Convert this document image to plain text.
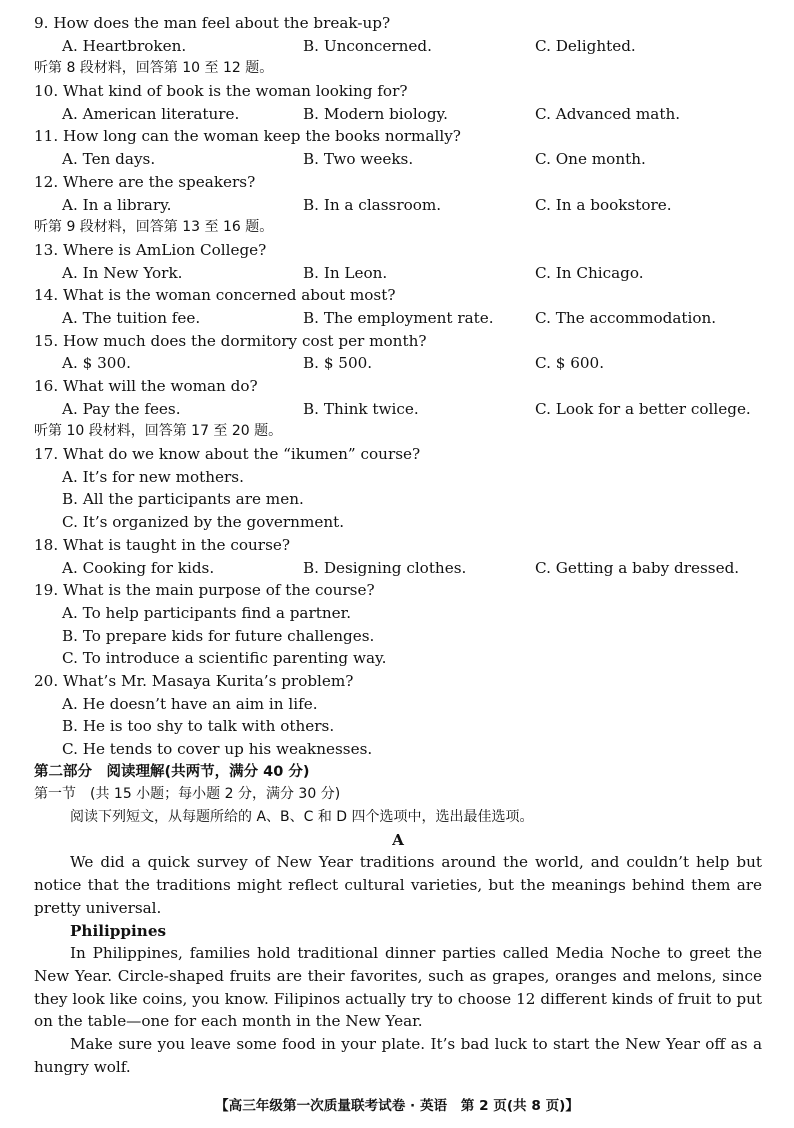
9. How does the man feel about the break-up?
A. Heartbroken.	B. Unconcerned.	C. Delighted.
听第 8 段材料，回答第 10 至 12 题。
10. What kind of book is the woman looking for?
A. American literature.	B. Modern biology.	C. Advanced math.
11. How long can the woman keep the books normally?
A. Ten days.	B. Two weeks.	C. One month.
12. Where are the speakers?
A. In a library.	B. In a classroom.	C. In a bookstore.
听第 9 段材料，回答第 13 至 16 题。
13. Where is AmLion College?
A. In New York.	B. In Leon.	C. In Chicago.
14. What is the woman concerned about most?
A. The tuition fee.	B. The employment rate.	C. The accommodation.
15. How much does the dormitory cost per month?
A. $ 300.	B. $ 500.	C. $ 600.
16. What will the woman do?
A. Pay the fees.	B. Think twice.	C. Look for a better college.
听第 10 段材料，回答第 17 至 20 题。
17. What do we know about the “ikumen” course?
A. It’s for new mothers.
B. All the participants are men.
C. It’s organized by the government.
18. What is taught in the course?
A. Cooking for kids.	B. Designing clothes.	C. Getting a baby dressed.
19. What is the main purpose of the course?
A. To help participants find a partner.
B. To prepare kids for future challenges.
C. To introduce a scientific parenting way.
20. What’s Mr. Masaya Kurita’s problem?
A. He doesn’t have an aim in life.
B. He is too shy to talk with others.
C. He tends to cover up his weaknesses.
第二部分　阅读理解(共两节，满分 40 分)
第一节　(共 15 小题；每小题 2 分，满分 30 分)
阅读下列短文，从每题所给的 A、B、C 和 D 四个选项中，选出最佳选项。
A

We did a quick survey of New Year traditions around the world, and couldn’t help but notice that the traditions might reflect cultural varieties, but the meanings behind them are pretty universal.

Philippines

In Philippines, families hold traditional dinner parties called Media Noche to greet the New Year. Circle-shaped fruits are their favorites, such as grapes, oranges and melons, since they look like coins, you know. Filipinos actually try to choose 12 different kinds of fruit to put on the table—one for each month in the New Year.

Make sure you leave some food in your plate. It’s bad luck to start the New Year off as a hungry wolf.

【高三年级第一次质量联考试卷 · 英语　第 2 页(共 8 页)】
